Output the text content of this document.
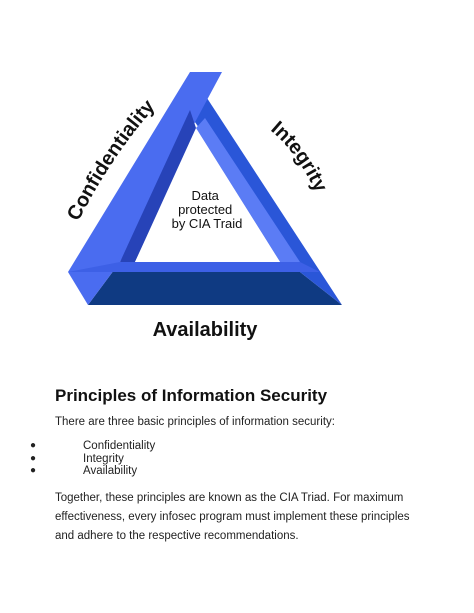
Data protected by CIA Traid
Confidentiality
Integrity
Availability
Principles of Information Security

There are three basic principles of information security:

●	Confidentiality
●	Integrity
●	Availability

Together, these principles are known as the CIA Triad. For maximum effectiveness, every infosec program must implement these principles and adhere to the respective recommendations.
